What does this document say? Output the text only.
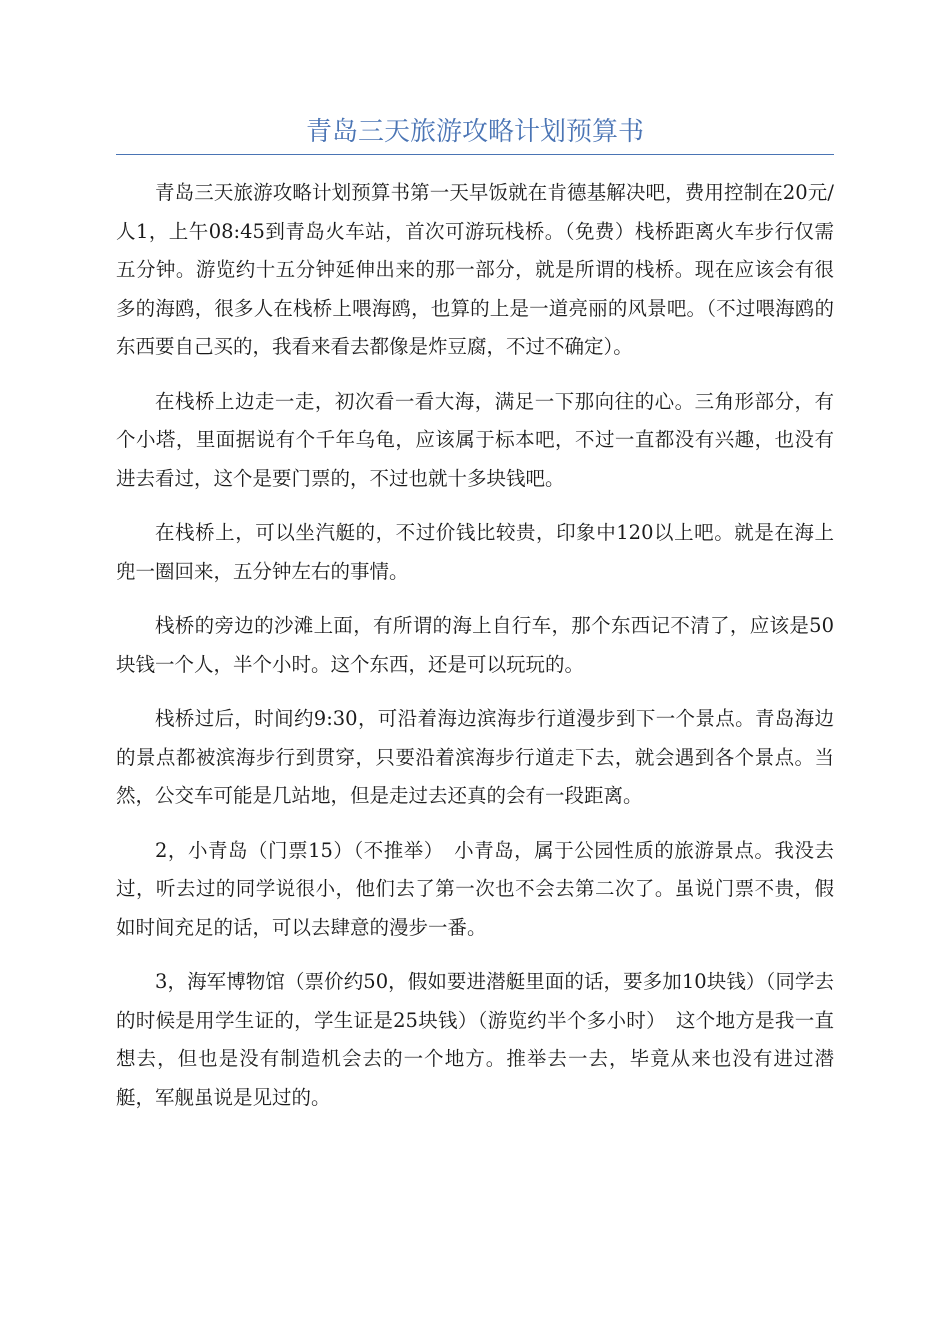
青岛三天旅游攻略计划预算书

青岛三天旅游攻略计划预算书第一天早饭就在肯德基解决吧，费用控制在20元/人1，上午08:45到青岛火车站，首次可游玩栈桥。（免费）栈桥距离火车步行仅需五分钟。游览约十五分钟延伸出来的那一部分，就是所谓的栈桥。现在应该会有很多的海鸥，很多人在栈桥上喂海鸥，也算的上是一道亮丽的风景吧。（不过喂海鸥的东西要自己买的，我看来看去都像是炸豆腐，不过不确定）。

在栈桥上边走一走，初次看一看大海，满足一下那向往的心。三角形部分，有个小塔，里面据说有个千年乌龟，应该属于标本吧，不过一直都没有兴趣，也没有进去看过，这个是要门票的，不过也就十多块钱吧。

在栈桥上，可以坐汽艇的，不过价钱比较贵，印象中120以上吧。就是在海上兜一圈回来，五分钟左右的事情。

栈桥的旁边的沙滩上面，有所谓的海上自行车，那个东西记不清了，应该是50块钱一个人，半个小时。这个东西，还是可以玩玩的。

栈桥过后，时间约9:30，可沿着海边滨海步行道漫步到下一个景点。青岛海边的景点都被滨海步行到贯穿，只要沿着滨海步行道走下去，就会遇到各个景点。当然，公交车可能是几站地，但是走过去还真的会有一段距离。

2，小青岛（门票15）（不推举）　小青岛，属于公园性质的旅游景点。我没去过，听去过的同学说很小，他们去了第一次也不会去第二次了。虽说门票不贵，假如时间充足的话，可以去肆意的漫步一番。

3，海军博物馆（票价约50，假如要进潜艇里面的话，要多加10块钱）（同学去的时候是用学生证的，学生证是25块钱）（游览约半个多小时）　这个地方是我一直想去，但也是没有制造机会去的一个地方。推举去一去，毕竟从来也没有进过潜艇，军舰虽说是见过的。
